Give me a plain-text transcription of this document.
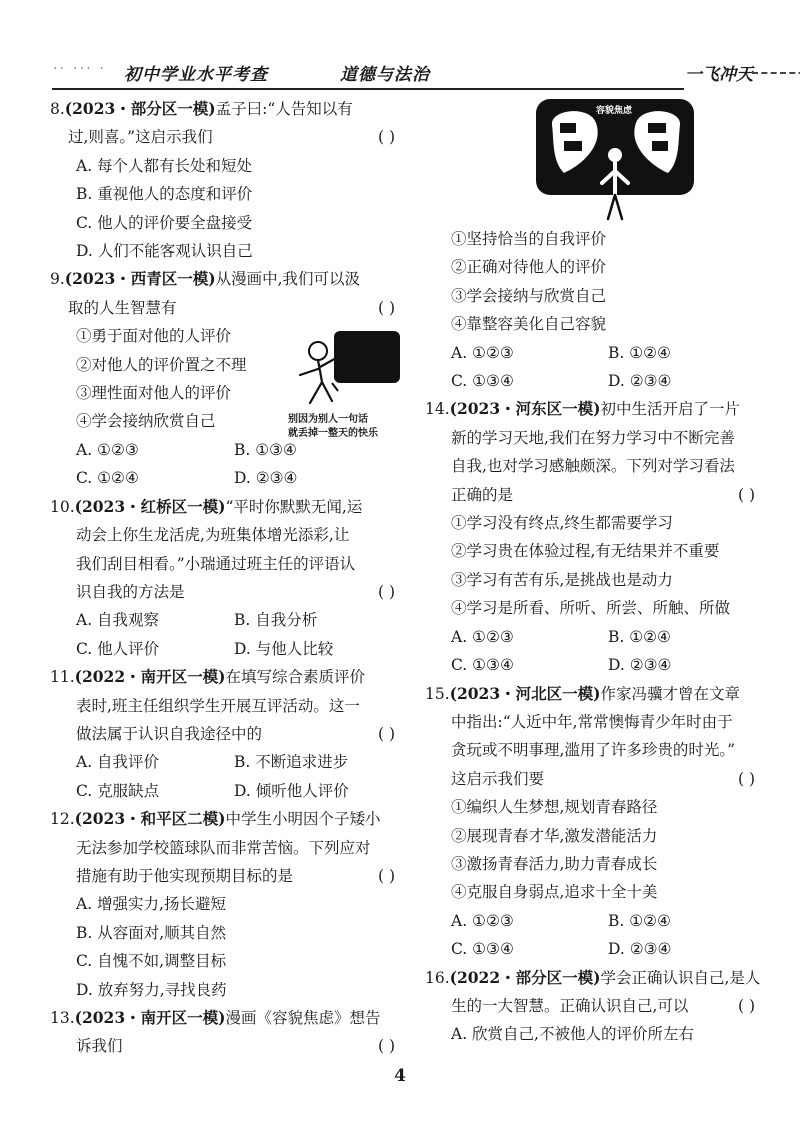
·· ··· · 初中学业水平考查	道德与法治	一飞冲天
8.(2023・部分区一模)孟子曰:“人告知以有
过,则喜。”这启示我们	( )
A. 每个人都有长处和短处
B. 重视他人的态度和评价
C. 他人的评价要全盘接受
D. 人们不能客观认识自己
9.(2023・西青区一模)从漫画中,我们可以汲
取的人生智慧有	( )
①勇于面对他的人评价
②对他人的评价置之不理
③理性面对他人的评价
④学会接纳欣赏自己
A. ①②③	B. ①③④
C. ①②④	D. ②③④
10.(2023・红桥区一模)“平时你默默无闻,运
动会上你生龙活虎,为班集体增光添彩,让
我们刮目相看。”小瑞通过班主任的评语认
识自我的方法是	( )
A. 自我观察	B. 自我分析
C. 他人评价	D. 与他人比较
11.(2022・南开区一模)在填写综合素质评价
表时,班主任组织学生开展互评活动。这一
做法属于认识自我途径中的	( )
A. 自我评价	B. 不断追求进步
C. 克服缺点	D. 倾听他人评价
12.(2023・和平区二模)中学生小明因个子矮小
无法参加学校篮球队而非常苦恼。下列应对
措施有助于他实现预期目标的是	( )
A. 增强实力,扬长避短
B. 从容面对,顺其自然
C. 自愧不如,调整目标
D. 放弃努力,寻找良药
13.(2023・南开区一模)漫画《容貌焦虑》想告
诉我们	( )
别因为别人一句话
就丢掉一整天的快乐
容貌焦虑
①坚持恰当的自我评价
②正确对待他人的评价
③学会接纳与欣赏自己
④靠整容美化自己容貌
A. ①②③	B. ①②④
C. ①③④	D. ②③④
14.(2023・河东区一模)初中生活开启了一片
新的学习天地,我们在努力学习中不断完善
自我,也对学习感触颇深。下列对学习看法
正确的是	( )
①学习没有终点,终生都需要学习
②学习贵在体验过程,有无结果并不重要
③学习有苦有乐,是挑战也是动力
④学习是所看、所听、所尝、所触、所做
A. ①②③	B. ①②④
C. ①③④	D. ②③④
15.(2023・河北区一模)作家冯骥才曾在文章
中指出:“人近中年,常常懊悔青少年时由于
贪玩或不明事理,滥用了许多珍贵的时光。”
这启示我们要	( )
①编织人生梦想,规划青春路径
②展现青春才华,激发潜能活力
③激扬青春活力,助力青春成长
④克服自身弱点,追求十全十美
A. ①②③	B. ①②④
C. ①③④	D. ②③④
16.(2022・部分区一模)学会正确认识自己,是人
生的一大智慧。正确认识自己,可以	( )
A. 欣赏自己,不被他人的评价所左右
4
